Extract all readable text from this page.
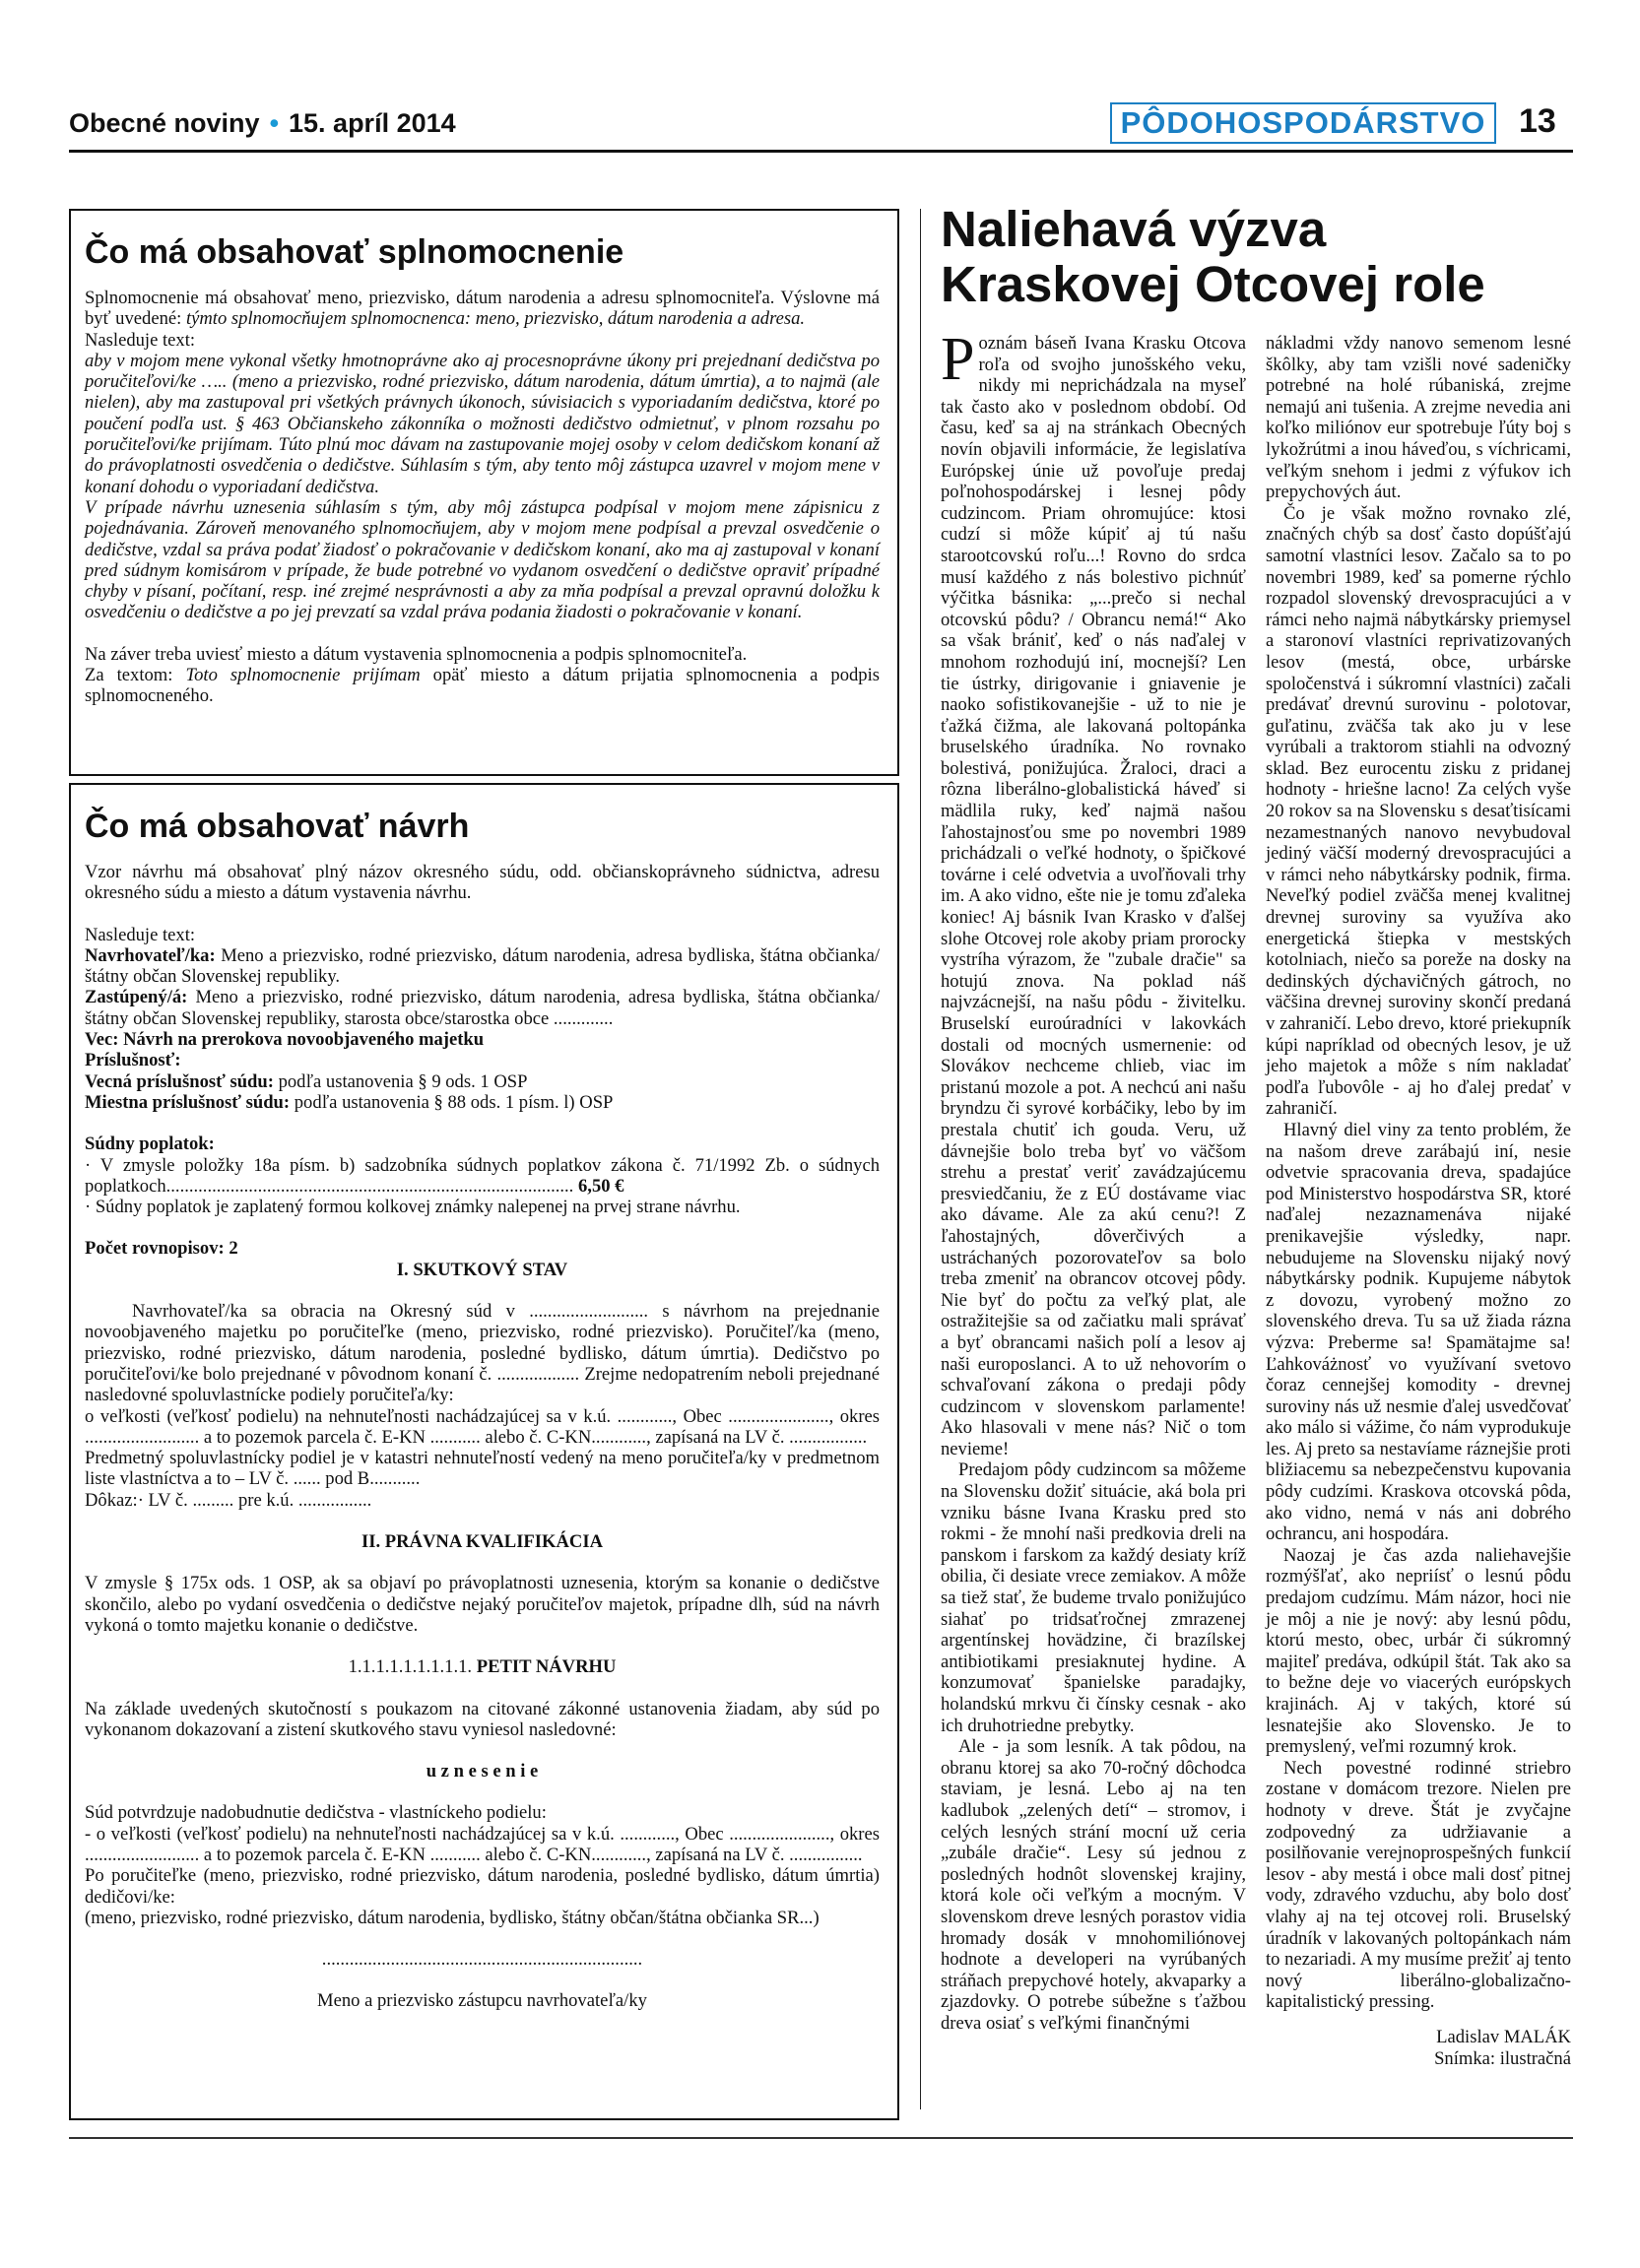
Obecné noviny • 15. apríl 2014	PÔDOHOSPODÁRSTVO 13
Čo má obsahovať splnomocnenie

Splnomocnenie má obsahovať meno, priezvisko, dátum narodenia a adresu splnomocniteľa. Výslovne má byť uvedené: týmto splnomocňujem splnomocnenca: meno, priezvisko, dátum narodenia a adresa.

Nasleduje text:

aby v mojom mene vykonal všetky hmotnoprávne ako aj procesnoprávne úkony pri prejednaní dedičstva po poručiteľovi/ke ….. (meno a priezvisko, rodné priezvisko, dátum narodenia, dátum úmrtia), a to najmä (ale nielen), aby ma zastupoval pri všetkých právnych úkonoch, súvisiacich s vyporiadaním dedičstva, ktoré po poučení podľa ust. § 463 Občianskeho zákonníka o možnosti dedičstvo odmietnuť, v plnom rozsahu po poručiteľovi/ke prijímam. Túto plnú moc dávam na zastupovanie mojej osoby v celom dedičskom konaní až do právoplatnosti osvedčenia o dedičstve. Súhlasím s tým, aby tento môj zástupca uzavrel v mojom mene v konaní dohodu o vyporiadaní dedičstva.

V prípade návrhu uznesenia súhlasím s tým, aby môj zástupca podpísal v mojom mene zápisnicu z pojednávania. Zároveň menovaného splnomocňujem, aby v mojom mene podpísal a prevzal osvedčenie o dedičstve, vzdal sa práva podať žiadosť o pokračovanie v dedičskom konaní, ako ma aj zastupoval v konaní pred súdnym komisárom v prípade, že bude potrebné vo vydanom osvedčení o dedičstve opraviť prípadné chyby v písaní, počítaní, resp. iné zrejmé nesprávnosti a aby za mňa podpísal a prevzal opravnú doložku k osvedčeniu o dedičstve a po jej prevzatí sa vzdal práva podania žiadosti o pokračovanie v konaní.

Na záver treba uviesť miesto a dátum vystavenia splnomocnenia a podpis splnomocniteľa.

Za textom: Toto splnomocnenie prijímam opäť miesto a dátum prijatia splnomocnenia a podpis splnomocneného.

Čo má obsahovať návrh

Vzor návrhu má obsahovať plný názov okresného súdu, odd. občianskoprávneho súdnictva, adresu okresného súdu a miesto a dátum vystavenia návrhu.

Nasleduje text:

Navrhovateľ/ka: Meno a priezvisko, rodné priezvisko, dátum narodenia, adresa bydliska, štátna občianka/štátny občan Slovenskej republiky.

Zastúpený/á: Meno a priezvisko, rodné priezvisko, dátum narodenia, adresa bydliska, štátna občianka/štátny občan Slovenskej republiky, starosta obce/starostka obce .............

Vec: Návrh na prerokova novoobjaveného majetku

Príslušnosť:

Vecná príslušnosť súdu: podľa ustanovenia § 9 ods. 1 OSP

Miestna príslušnosť súdu: podľa ustanovenia § 88 ods. 1 písm. l) OSP

Súdny poplatok:

· V zmysle položky 18a písm. b) sadzobníka súdnych poplatkov zákona č. 71/1992 Zb. o súdnych poplatkoch......................................................................................... 6,50 €

· Súdny poplatok je zaplatený formou kolkovej známky nalepenej na prvej strane návrhu.

Počet rovnopisov: 2

I. SKUTKOVÝ STAV

Navrhovateľ/ka sa obracia na Okresný súd v .......................... s návrhom na prejednanie novoobjaveného majetku po poručiteľke (meno, priezvisko, rodné priezvisko). Poručiteľ/ka (meno, priezvisko, rodné priezvisko, dátum narodenia, posledné bydlisko, dátum úmrtia). Dedičstvo po poručiteľovi/ke bolo prejednané v pôvodnom konaní č. .................. Zrejme nedopatrením neboli prejednané nasledovné spoluvlastnícke podiely poručiteľa/ky:

o veľkosti (veľkosť podielu) na nehnuteľnosti nachádzajúcej sa v k.ú. ............, Obec ......................, okres ......................... a to pozemok parcela č. E-KN ........... alebo č. C-KN............, zapísaná na LV č. .................

Predmetný spoluvlastnícky podiel je v katastri nehnuteľností vedený na meno poručiteľa/ky v predmetnom liste vlastníctva a to – LV č. ...... pod B...........

Dôkaz:· LV č. ......... pre k.ú. ................

II. PRÁVNA KVALIFIKÁCIA

V zmysle § 175x ods. 1 OSP, ak sa objaví po právoplatnosti uznesenia, ktorým sa konanie o dedičstve skončilo, alebo po vydaní osvedčenia o dedičstve nejaký poručiteľov majetok, prípadne dlh, súd na návrh vykoná o tomto majetku konanie o dedičstve.

1.1.1.1.1.1.1.1.1. PETIT NÁVRHU

Na základe uvedených skutočností s poukazom na citované zákonné ustanovenia žiadam, aby súd po vykonanom dokazovaní a zistení skutkového stavu vyniesol nasledovné:

u z n e s e n i e

Súd potvrdzuje nadobudnutie dedičstva - vlastníckeho podielu:

- o veľkosti (veľkosť podielu) na nehnuteľnosti nachádzajúcej sa v k.ú. ............, Obec ......................, okres ......................... a to pozemok parcela č. E-KN ........... alebo č. C-KN............, zapísaná na LV č. ................

Po poručiteľke (meno, priezvisko, rodné priezvisko, dátum narodenia, posledné bydlisko, dátum úmrtia) dedičovi/ke:

(meno, priezvisko, rodné priezvisko, dátum narodenia, bydlisko, štátny občan/štátna občianka SR...)

......................................................................

Meno a priezvisko zástupcu navrhovateľa/ky

Naliehavá výzva
Kraskovej Otcovej role

Poznám báseň Ivana Krasku Otcova roľa od svojho junošského veku, nikdy mi neprichádzala na myseľ tak často ako v poslednom období. Od času, keď sa aj na stránkach Obecných novín objavili informácie, že legislatíva Európskej únie už povoľuje predaj poľnohospodárskej i lesnej pôdy cudzincom. Priam ohromujúce: ktosi cudzí si môže kúpiť aj tú našu starootcovskú roľu...! Rovno do srdca musí každého z nás bolestivo pichnúť výčitka básnika: „...prečo si nechal otcovskú pôdu? / Obrancu nemá!“ Ako sa však brániť, keď o nás naďalej v mnohom rozhodujú iní, mocnejší? Len tie ústrky, dirigovanie i gniavenie je naoko sofistikovanejšie - už to nie je ťažká čižma, ale lakovaná poltopánka bruselského úradníka. No rovnako bolestivá, ponižujúca. Žraloci, draci a rôzna liberálno-globalistická háveď si mädlila ruky, keď najmä našou ľahostajnosťou sme po novembri 1989 prichádzali o veľké hodnoty, o špičkové továrne i celé odvetvia a uvoľňovali trhy im. A ako vidno, ešte nie je tomu zďaleka koniec! Aj básnik Ivan Krasko v ďalšej slohe Otcovej role akoby priam prorocky vystríha výrazom, že "zubale dračie" sa hotujú znova. Na poklad náš najvzácnejší, na našu pôdu - živitelku. Bruselskí eurоúradníci v lakovkách dostali od mocných usmernenie: od Slovákov nechceme chlieb, viac im pristanú mozole a pot. A nechcú ani našu bryndzu či syrové korbáčiky, lebo by im prestala chutiť ich gouda. Veru, už dávnejšie bolo treba byť vo väčšom strehu a prestať veriť zavádzajúcemu presviedčaniu, že z EÚ dostávame viac ako dávame. Ale za akú cenu?! Z ľahostajných, dôverčivých a ustráchaných pozorovateľov sa bolo treba zmeniť na obrancov otcovej pôdy. Nie byť do počtu za veľký plat, ale ostražitejšie sa od začiatku mali správať a byť obrancami našich polí a lesov aj naši europoslanci. A to už nehovorím o schvaľovaní zákona o predaji pôdy cudzincom v slovenskom parlamente! Ako hlasovali v mene nás? Nič o tom nevieme!

Predajom pôdy cudzincom sa môžeme na Slovensku dožiť situácie, aká bola pri vzniku básne Ivana Krasku pred sto rokmi - že mnohí naši predkovia dreli na panskom i farskom za každý desiaty kríž obilia, či desiate vrece zemiakov. A môže sa tiež stať, že budeme trvalo ponižujúco siahať po tridsaťročnej zmrazenej argentínskej hovädzine, či brazílskej antibiotikami presiaknutej hydine. A konzumovať španielske paradajky, holandskú mrkvu či čínsky cesnak - ako ich druhotriedne prebytky.

Ale - ja som lesník. A tak pôdou, na obranu ktorej sa ako 70-ročný dôchodca staviam, je lesná. Lebo aj na ten kadlubok „zelených detí“ – stromov, i celých lesných strání mocní už ceria „zubále dračie“. Lesy sú jednou z posledných hodnôt slovenskej krajiny, ktorá kole oči veľkým a mocným. V slovenskom dreve lesných porastov vidia hromady dosák v mnohomiliónovej hodnote a developeri na vyrúbaných stráňach prepychové hotely, akvaparky a zjazdovky. O potrebe súbežne s ťažbou dreva osiať s veľkými finančnými

nákladmi vždy nanovo semenom lesné škôlky, aby tam vzišli nové sadeničky potrebné na holé rúbaniská, zrejme nemajú ani tušenia. A zrejme nevedia ani koľko miliónov eur spotrebuje ľúty boj s lykožrútmi a inou háveďou, s víchricami, veľkým snehom i jedmi z výfukov ich prepychových áut.

Čo je však možno rovnako zlé, značných chýb sa dosť často dopúšťajú samotní vlastníci lesov. Začalo sa to po novembri 1989, keď sa pomerne rýchlo rozpadol slovenský drevospracujúci a v rámci neho najmä nábytkársky priemysel a staronoví vlastníci reprivatizovaných lesov (mestá, obce, urbárske spoločenstvá i súkromní vlastníci) začali predávať drevnú surovinu - polotovar, guľatinu, zväčša tak ako ju v lese vyrúbali a traktorom stiahli na odvozný sklad. Bez eurocentu zisku z pridanej hodnoty - hriešne lacno! Za celých vyše 20 rokov sa na Slovensku s desaťtisícami nezamestnaných nanovo nevybudoval jediný väčší moderný drevospracujúci a v rámci neho nábytkársky podnik, firma. Neveľký podiel zväčša menej kvalitnej drevnej suroviny sa využíva ako energetická štiepka v mestských kotolniach, niečo sa poreže na dosky na dedinských dýchavičných gátroch, no väčšina drevnej suroviny skončí predaná v zahraničí. Lebo drevo, ktoré priekupník kúpi napríklad od obecných lesov, je už jeho majetok a môže s ním nakladať podľa ľubovôle - aj ho ďalej predať v zahraničí.

Hlavný diel viny za tento problém, že na našom dreve zarábajú iní, nesie odvetvie spracovania dreva, spadajúce pod Ministerstvo hospodárstva SR, ktoré naďalej nezaznamenáva nijaké prenikavejšie výsledky, napr. nebudujeme na Slovensku nijaký nový nábytkársky podnik. Kupujeme nábytok z dovozu, vyrobený možno zo slovenského dreva. Tu sa už žiada rázna výzva: Preberme sa! Spamätajme sa! Ľahkováżnosť vo využívaní svetovo čoraz cennejšej komodity - drevnej suroviny nás už nesmie ďalej usvedčovať ako málo si vážime, čo nám vyprodukuje les. Aj preto sa nestavíame ráznejšie proti bližiacemu sa nebezpečenstvu kupovania pôdy cudzími. Kraskova otcovská pôda, ako vidno, nemá v nás ani dobrého ochrancu, ani hospodára.

Naozaj je čas azda naliehavejšie rozmýšľať, ako nepriísť o lesnú pôdu predajom cudzímu. Mám názor, hoci nie je môj a nie je nový: aby lesnú pôdu, ktorú mesto, obec, urbár či súkromný majiteľ predáva, odkúpil štát. Tak ako sa to bežne deje vo viacerých európskych krajinách. Aj v takých, ktoré sú lesnatejšie ako Slovensko. Je to premyslený, veľmi rozumný krok.

Nech povestné rodinné striebro zostane v domácom trezore. Nielen pre hodnoty v dreve. Štát je zvyčajne zodpovedný za udržiavanie a posilňovanie verejnoprospešných funkcií lesov - aby mestá i obce mali dosť pitnej vody, zdravého vzduchu, aby bolo dosť vlahy aj na tej otcovej roli. Bruselský úradník v lakovaných poltopánkach nám to nezariadi. A my musíme prežiť aj tento nový liberálno-globalizačno-kapitalistický pressing.

Ladislav MALÁK
Snímka: ilustračná
